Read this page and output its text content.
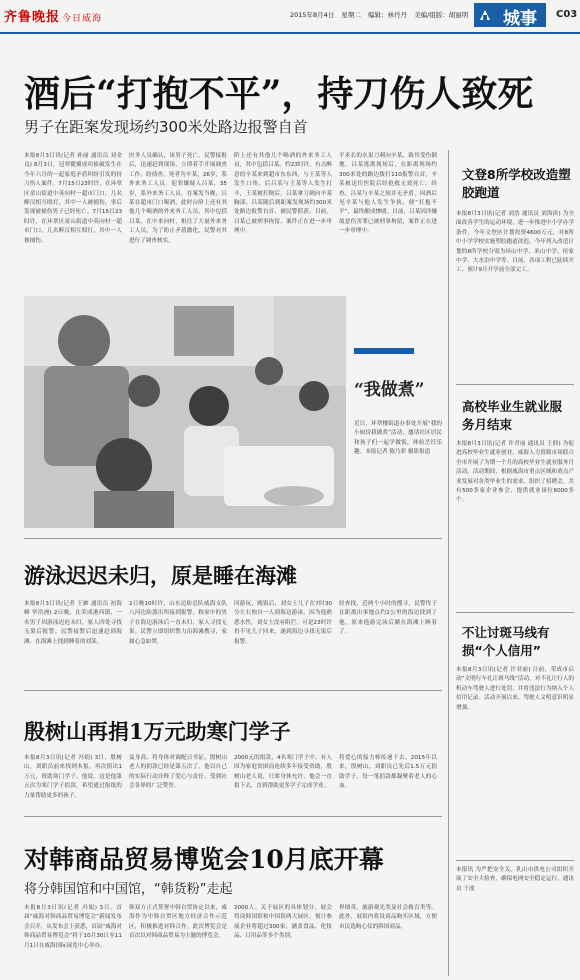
齐鲁晚报 今日威海	2015年8月4日 星期二 编辑：林丹丹 美编/组版：胡丽明 城事 C03
酒后“打抱不平”，持刀伤人致死
男子在距案发现场约300米处路边报警自首
本报8月3日讯(记者 孙丽 通讯员 刘金良) 8月3日，冠翠健翼成功侦破发生在今年六月的一起家庭矛盾纠纷引发的持刀伤人案件。7月15日23时许，在环翠区童山街道中英向村一超市门口，几名醉汉相互殴打，其中一人被捅伤，事后发现被捅伤男子已经死亡。7月15日23时许，在环翠区童山街道中英向村一超市门口，几名醉汉相互殴打，其中一人被捅伤。
医务人员确认，该男子死亡。民警接报后，迅速赶到现场，立即着手开展调查工作。经侦查，死者为辛某，26岁，系外来务工人员。犯罪嫌疑人吕某，35岁，系外来务工人员，在案发当晚，吕某在超市门口喝酒，此时台阶上还有其他几个喝酒的外来务工人员，其中包括吕某。在中来向村，租住了大量外来务工人员，为了防止矛盾激化，民警对其进行了调查核实。
阶上还有其他几个喝酒的外来务工人员，其中包括吕某。约23时许，有点醉意的辛某来到超市东东西，与王某等人发生口角。后吕某与王某等人发生打斗，王某被打倒后，吕某拿刀刺向辛某胸部。吕某随后到距案发现场约300米处路边报警自首，被民警抓获。目前，吕某已被刑事拘留，案件正在进一步审理中。
半米长的水果刀刺向辛某，致其受伤倒地。吕某逃离现场后，在距离现场约300米处的路边拨打110报警自首。辛某被送往医院后经抢救无效死亡。经查，吕某与辛某之间并无矛盾，因酒后见辛某与他人发生争执，便“打抱不平”，最终酿成惨剧。目前，吕某因涉嫌故意伤害罪已被刑事拘留，案件正在进一步审理中。
“我做煮”
近日，环翠楼街道办事处开展“我的小厨房我做煮”活动，邀请社区居民和孩子们一起学做饭，体验烹饪乐趣。本报记者 陈乃彩 摄影报道
游泳迟迟未归，原是睡在海滩
本报8月3日讯(记者 王雁 通讯员 初海峰 毕浩洲) 2日晚，在荣成港西镇，一名男子因游泳迟迟未归，家人四处寻找无果后报警。民警接警后迅速赶到海滩，在海滩上找到睡着的刘某。
2日晚10时许，山东边防总队威海支队八河边防派出所接到报警，称家中的男子在海边游泳后一直未归，家人寻找无果。民警立即组织警力沿海滩搜寻，家属心急如焚。
回游玩，晚饭后，刘女士儿子在7时30分左右独自一人到海边游泳，因为他熟悉水性，刘女士没有阻拦。可是23时许仍不见儿子回来，遂到海边寻找无果后报警。
经查找，近两个小时的搜寻，民警终于在距离出事地点约2公里的海边找到了他，原来他游完泳后躺在海滩上睡着了。
殷树山再捐1万元助寒门学子
本报8月3日讯(记者 冯娟) 3日，殷树山，刘职员前来找到本报，再次捐出1万元，资助寒门学子。他说，这是他第五次为寒门学子捐款，希望通过报纸的力量帮助更多的孩子。
及身高，将身体对调配日书证，殷树山老人的捐款已经是第五次了。他以自己的实际行动诠释了爱心与责任，受到社会各界的广泛赞誉。
2000元的捐款，4名寒门学子中，有人因为家庭贫困而连续多年接受资助，殷树山老人说，只要身体允许，他会一直捐下去，直到帮助更多学子完成学业。
将爱心的接力棒传递下去。2015年以来，殷树山，刘职员已先后1.5万元捐助学子。每一笔捐款都凝聚着老人的心血。
对韩商品贸易博览会10月底开幕
将分韩国馆和中国馆，“韩货粉”走起
本报8月3日讯(记者 冯娟) 3日，首届“威海对韩商品贸易博览会”新闻发布会召开，从发布会上获悉，首届“威海对韩商品贸易博览会”将于10月30日至11月1日在威海国际展览中心举办。
韩双方正式签署中韩自贸协定以来，威海作为中韩自贸区地方经济合作示范区，积极推进对韩合作。此次博览会是首次以对韩商品贸易为主题的博览会。
2000人。关于展区的具体划分，展会将设韩国馆和中国馆两大展区，预计参展企业将超过300家，涵盖食品、化妆品、日用品等多个类别。
界图英，旅游观光类及社会救育类等。此外，展馆内将设商品购买区域，方便市民选购心仪的韩国商品。
文登8所学校改造塑胶跑道
本报8月3日讯(记者 刘浩 通讯员 刘海滨) 为全面改善学生的运动环境，进一步推进中小学办学条件，今年文登区计划投资4600万元，对8所中小学学校实施塑胶跑道改造。今年列入改造计划的8所学校分别为环山中学、米山中学、侯家中学、大水泊中学等。目前，各项工程已陆续开工，预计9月开学前全部完工。
高校毕业生就业服务月结束
本报8月3日讯(记者 许君丽 通讯员 王佃) 为促进高校毕业生就业创业，威海人力资源市场联合全市开展了为期一个月的高校毕业生就业服务月活动。活动期间，根据威海市重点区域和重点产业发展对各类毕业生的需求，组织了招聘会，共有500多家企业参会，提供就业岗位6000多个。
不让讨斑马线有损“个人信用”
本报8月3日讯(记者 许君丽) 日前，荣成市启动“文明行车礼让斑马线”活动，对不礼让行人的机动车驾驶人进行处罚，并将违法行为纳入个人信用记录。活动开展以来，驾驶人文明意识明显增强。
本报讯 为严把安全关，乳山市供电公司组织开展了安全大检查，确保电网安全稳定运行。通讯员 于波
